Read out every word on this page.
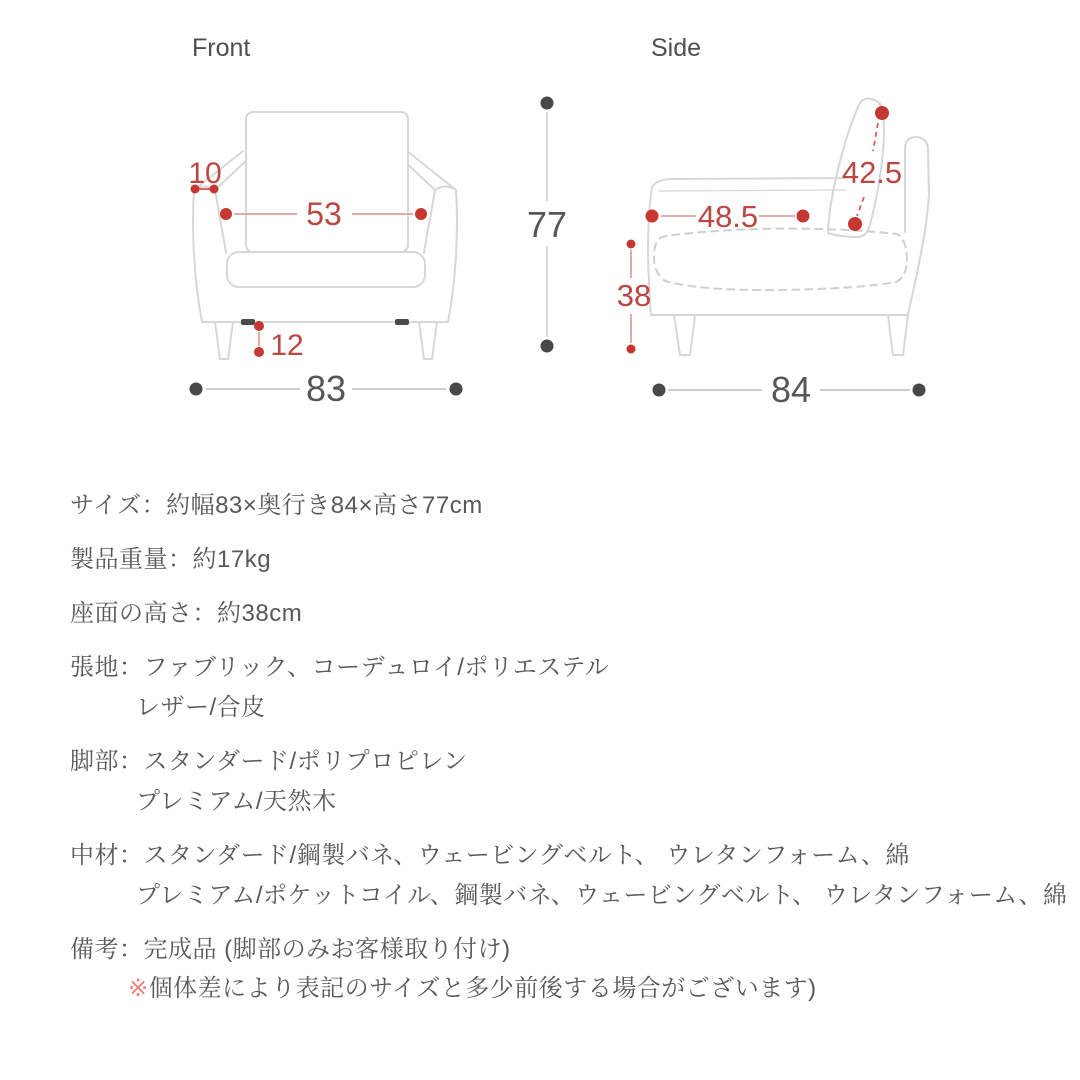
Front
10
53
12
83
Side
77
42.5
48.5
38
84
サイズ：約幅83×奥行き84×高さ77cm
製品重量：約17kg
座面の高さ：約38cm
張地：ファブリック、コーデュロイ/ポリエステル
レザー/合皮
脚部：スタンダード/ポリプロピレン
プレミアム/天然木
中材：スタンダード/鋼製バネ、ウェービングベルト、 ウレタンフォーム、綿
プレミアム/ポケットコイル、鋼製バネ、ウェービングベルト、 ウレタンフォーム、綿
備考：完成品 (脚部のみお客様取り付け)
※個体差により表記のサイズと多少前後する場合がございます)
